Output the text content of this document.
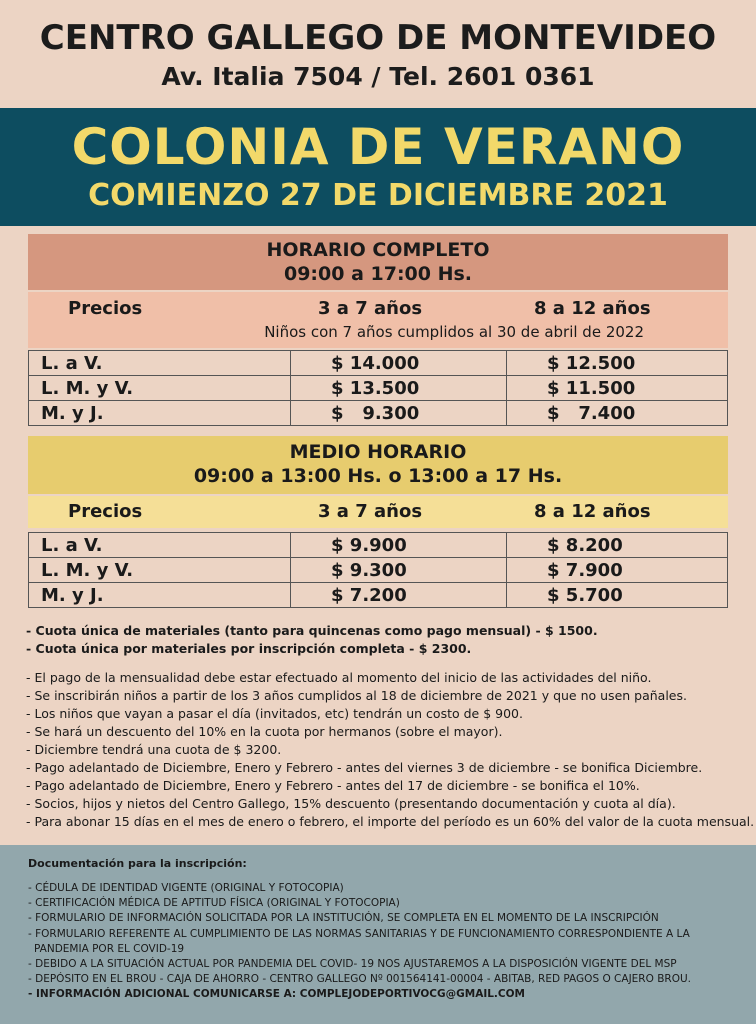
CENTRO GALLEGO DE MONTEVIDEO
Av. Italia 7504 / Tel. 2601 0361
COLONIA DE VERANO
COMIENZO 27 DE DICIEMBRE 2021
HORARIO COMPLETO
09:00 a 17:00 Hs.
Precios	3 a 7 años	8 a 12 años
Niños con 7 años cumplidos al 30 de abril de 2022
L. a V.	$ 14.000	$ 12.500
L. M. y V.	$ 13.500	$ 11.500
M. y J.	$   9.300	$   7.400
MEDIO HORARIO
09:00 a 13:00 Hs. o 13:00 a 17 Hs.
Precios	3 a 7 años	8 a 12 años
L. a V.	$ 9.900	$ 8.200
L. M. y V.	$ 9.300	$ 7.900
M. y J.	$ 7.200	$ 5.700
- Cuota única de materiales (tanto para quincenas como pago mensual) - $ 1500.
- Cuota única por materiales por inscripción completa - $ 2300.
- El pago de la mensualidad debe estar efectuado al momento del inicio de las actividades del niño.
- Se inscribirán niños a partir de los 3 años cumplidos al 18 de diciembre de 2021 y que no usen pañales.
- Los niños que vayan a pasar el día (invitados, etc) tendrán un costo de $ 900.
- Se hará un descuento del 10% en la cuota por hermanos (sobre el mayor).
- Diciembre tendrá una cuota de $ 3200.
- Pago adelantado de Diciembre, Enero y Febrero - antes del viernes 3 de diciembre - se bonifica Diciembre.
- Pago adelantado de Diciembre, Enero y Febrero - antes del 17 de diciembre - se bonifica el 10%.
- Socios, hijos y nietos del Centro Gallego, 15% descuento (presentando documentación y cuota al día).
- Para abonar 15 días en el mes de enero o febrero, el importe del período es un 60% del valor de la cuota mensual.
Documentación para la inscripción:
- CÉDULA DE IDENTIDAD VIGENTE (ORIGINAL Y FOTOCOPIA)
- CERTIFICACIÓN MÉDICA DE APTITUD FÍSICA (ORIGINAL Y FOTOCOPIA)
- FORMULARIO DE INFORMACIÓN SOLICITADA POR LA INSTITUCIÓN, SE COMPLETA EN EL MOMENTO DE LA INSCRIPCIÓN
- FORMULARIO REFERENTE AL CUMPLIMIENTO DE LAS NORMAS SANITARIAS Y DE FUNCIONAMIENTO CORRESPONDIENTE A LA PANDEMIA POR EL COVID-19
- DEBIDO A LA SITUACIÓN ACTUAL POR PANDEMIA DEL COVID- 19 NOS AJUSTAREMOS A LA DISPOSICIÓN VIGENTE DEL MSP
- DEPÓSITO EN EL BROU - CAJA DE AHORRO - CENTRO GALLEGO Nº 001564141-00004 - ABITAB, RED PAGOS O CAJERO BROU.
- INFORMACIÓN ADICIONAL COMUNICARSE A: COMPLEJODEPORTIVOCG@GMAIL.COM
